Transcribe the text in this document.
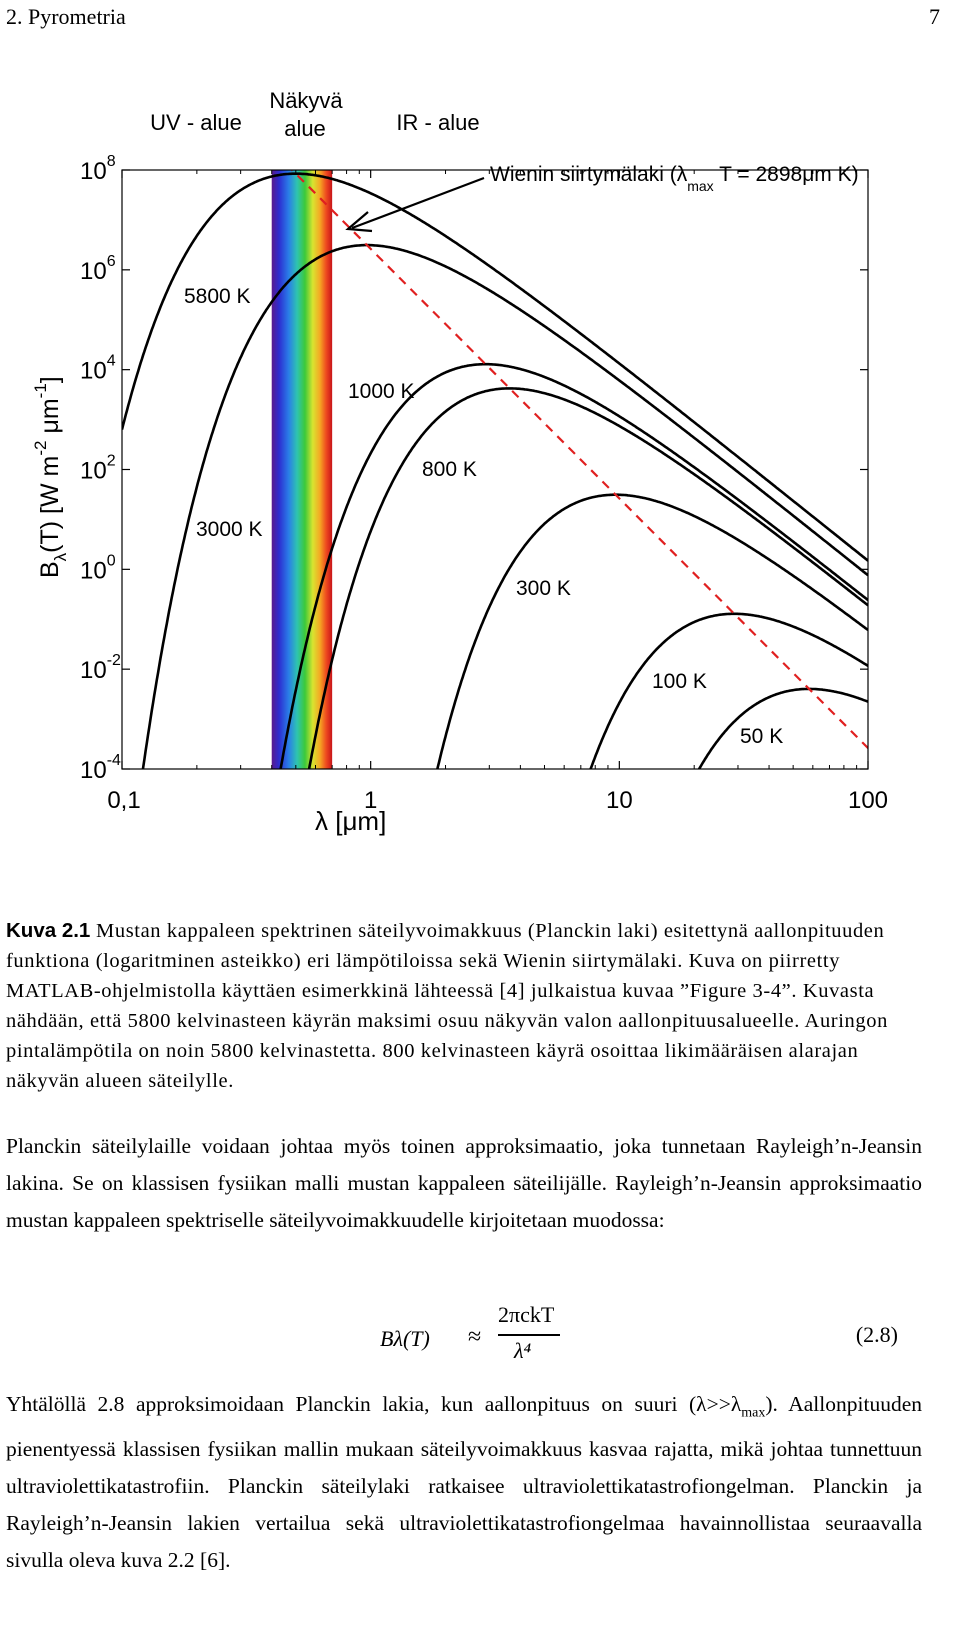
2. Pyrometria	7
0,1	1	10	100
$10^{-4}$
$10^{-2}$
$10^0$
$10^2$
$10^4$
$10^6$
$10^8$
5800 K
3000 K
1000 K
800 K
300 K
100 K
50 K
λ [μm]
$B_\lambda(T)$ [W $m^{-2}$ $\mu m^{-1}$]
UV - alue
Näkyvä
alue	IR - alue
Wienin siirtymälaki ($\lambda_{max}$ T = 2898μm K)
Kuva 2.1 Mustan kappaleen spektrinen säteilyvoimakkuus (Planckin laki) esitettynä aallonpituuden funktiona (logaritminen asteikko) eri lämpötiloissa sekä Wienin siirtymälaki. Kuva on piirretty MATLAB-ohjelmistolla käyttäen esimerkkinä lähteessä [4] julkaistua kuvaa ”Figure 3-4”. Kuvasta nähdään, että 5800 kelvinasteen käyrän maksimi osuu näkyvän valon aallonpituusalueelle. Auringon pintalämpötila on noin 5800 kelvinastetta. 800 kelvinasteen käyrä osoittaa likimääräisen alarajan näkyvän alueen säteilylle.
Planckin säteilylaille voidaan johtaa myös toinen approksimaatio, joka tunnetaan Rayleigh’n-Jeansin lakina. Se on klassisen fysiikan malli mustan kappaleen säteilijälle. Rayleigh’n-Jeansin approksimaatio mustan kappaleen spektriselle säteilyvoimakkuudelle kirjoitetaan muodossa:
Bλ(T) ≈
2πckT
λ⁴
(2.8)
Yhtälöllä 2.8 approksimoidaan Planckin lakia, kun aallonpituus on suuri $(\lambda>>\lambda_{max})$. Aallonpituuden pienentyessä klassisen fysiikan mallin mukaan säteilyvoimakkuus kasvaa rajatta, mikä johtaa tunnettuun ultraviolettikatastrofiin. Planckin säteilylaki ratkaisee ultraviolettikatastrofiongelman. Planckin ja Rayleigh’n-Jeansin lakien vertailua sekä ultraviolettikatastrofiongelmaa havainnollistaa seuraavalla sivulla oleva kuva 2.2 [6].
